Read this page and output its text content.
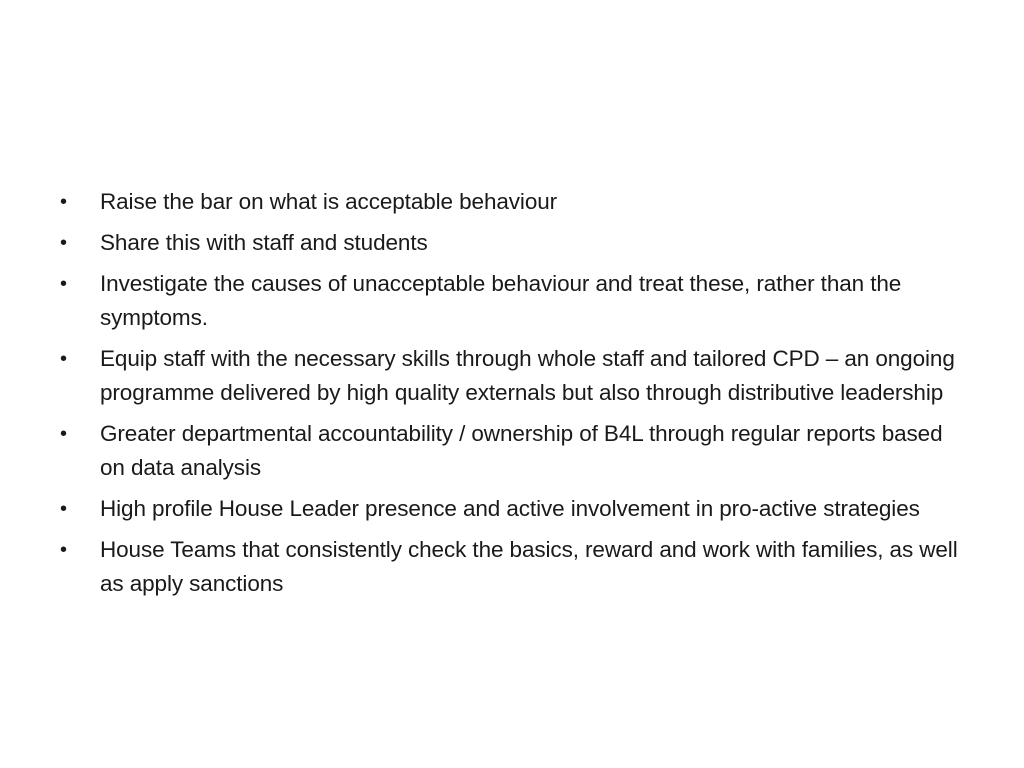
•	Raise the bar on what is acceptable behaviour
•	Share this with staff and students
•	Investigate the causes of unacceptable behaviour and treat these, rather than the symptoms.
•	Equip staff with the necessary skills through whole staff and tailored CPD – an ongoing programme delivered by high quality externals but also through distributive leadership
•	Greater departmental accountability / ownership of B4L through regular reports based on data analysis
•	High profile House Leader presence and active involvement in pro-active strategies
•	House Teams that consistently check the basics, reward and work with families, as well as apply sanctions
